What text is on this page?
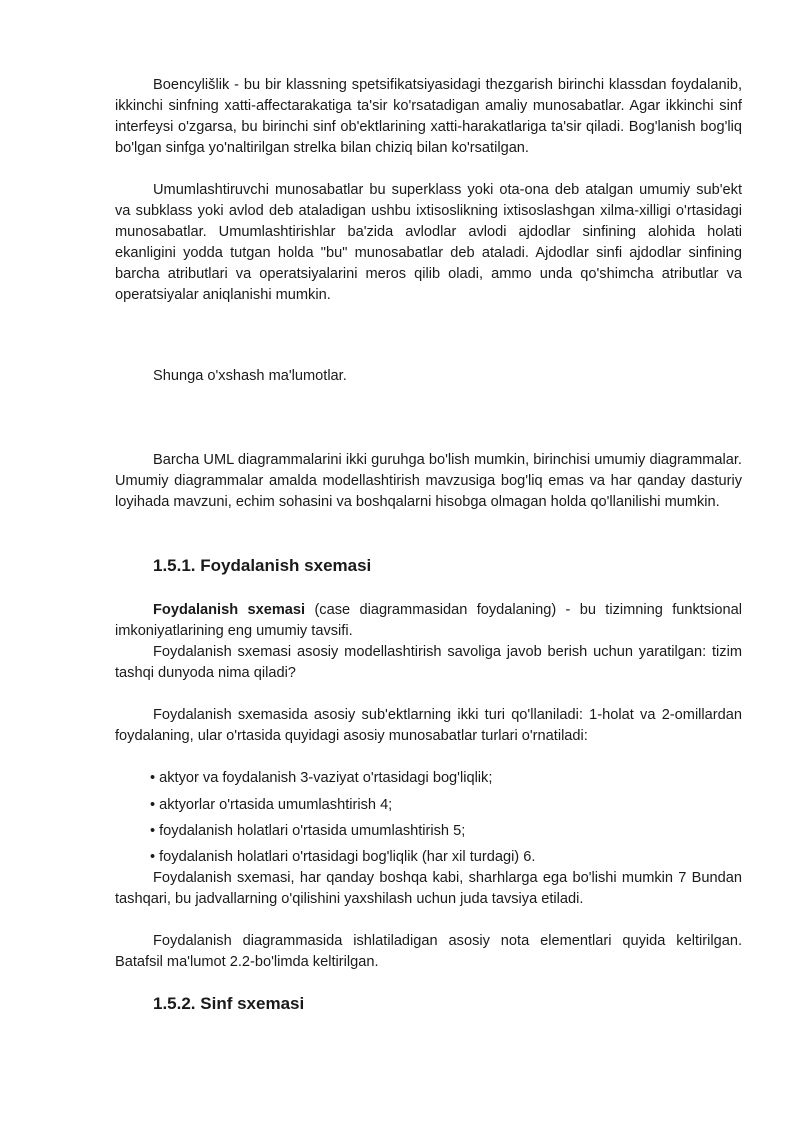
Boencylišlik - bu bir klassning spetsifikatsiyasidagi thezgarish birinchi klassdan foydalanib, ikkinchi sinfning xatti-affectarakatiga ta'sir ko'rsatadigan amaliy munosabatlar. Agar ikkinchi sinf interfeysi o'zgarsa, bu birinchi sinf ob'ektlarining xatti-harakatlariga ta'sir qiladi. Bog'lanish bog'liq bo'lgan sinfga yo'naltirilgan strelka bilan chiziq bilan ko'rsatilgan.

Umumlashtiruvchi munosabatlar bu superklass yoki ota-ona deb atalgan umumiy sub'ekt va subklass yoki avlod deb ataladigan ushbu ixtisoslikning ixtisoslashgan xilma-xilligi o'rtasidagi munosabatlar. Umumlashtirishlar ba'zida avlodlar avlodi ajdodlar sinfining alohida holati ekanligini yodda tutgan holda "bu" munosabatlar deb ataladi. Ajdodlar sinfi ajdodlar sinfining barcha atributlari va operatsiyalarini meros qilib oladi, ammo unda qo'shimcha atributlar va operatsiyalar aniqlanishi mumkin.

Shunga o'xshash ma'lumotlar.

Barcha UML diagrammalarini ikki guruhga bo'lish mumkin, birinchisi umumiy diagrammalar. Umumiy diagrammalar amalda modellashtirish mavzusiga bog'liq emas va har qanday dasturiy loyihada mavzuni, echim sohasini va boshqalarni hisobga olmagan holda qo'llanilishi mumkin.

1.5.1. Foydalanish sxemasi

Foydalanish sxemasi (case diagrammasidan foydalaning) - bu tizimning funktsional imkoniyatlarining eng umumiy tavsifi.

Foydalanish sxemasi asosiy modellashtirish savoliga javob berish uchun yaratilgan: tizim tashqi dunyoda nima qiladi?

Foydalanish sxemasida asosiy sub'ektlarning ikki turi qo'llaniladi: 1-holat va 2-omillardan foydalaning, ular o'rtasida quyidagi asosiy munosabatlar turlari o'rnatiladi:

• aktyor va foydalanish 3-vaziyat o'rtasidagi bog'liqlik;
• aktyorlar o'rtasida umumlashtirish 4;
• foydalanish holatlari o'rtasida umumlashtirish 5;
• foydalanish holatlari o'rtasidagi bog'liqlik (har xil turdagi) 6.

Foydalanish sxemasi, har qanday boshqa kabi, sharhlarga ega bo'lishi mumkin 7 Bundan tashqari, bu jadvallarning o'qilishini yaxshilash uchun juda tavsiya etiladi.

Foydalanish diagrammasida ishlatiladigan asosiy nota elementlari quyida keltirilgan. Batafsil ma'lumot 2.2-bo'limda keltirilgan.

1.5.2. Sinf sxemasi
